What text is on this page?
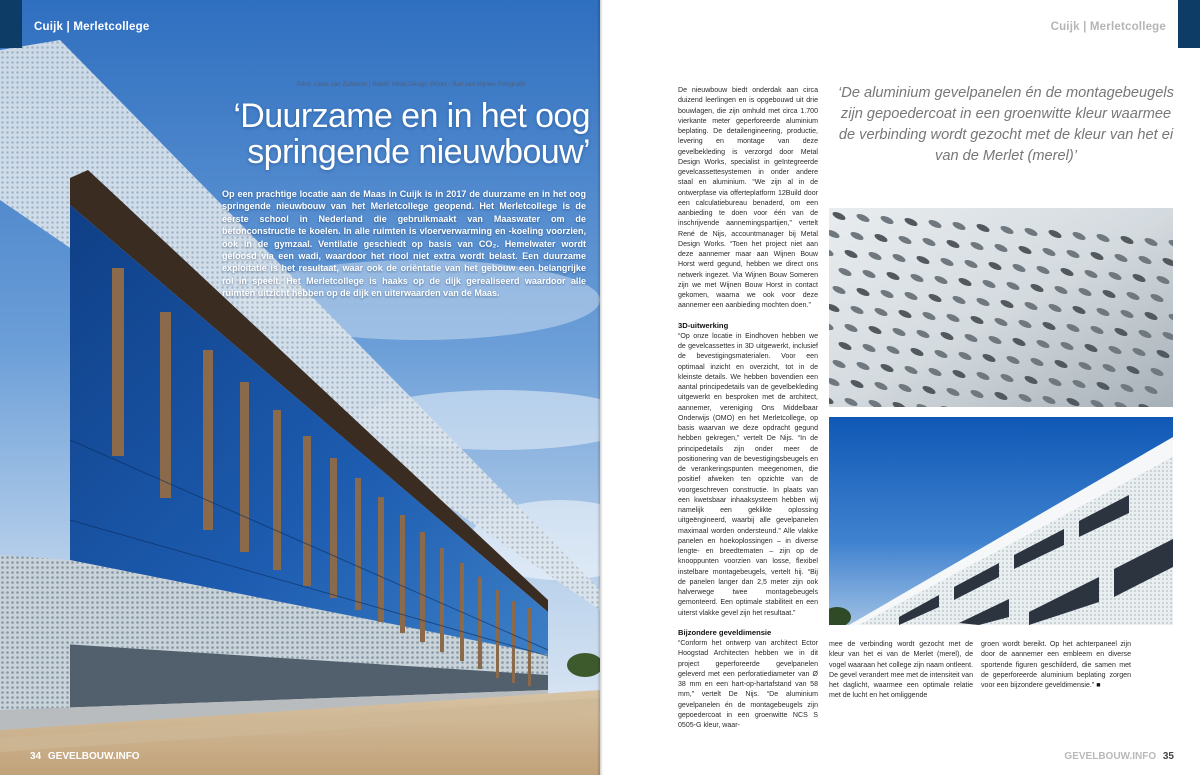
Cuijk | Merletcollege
Tekst: Lieke van Zuilekom | Beeld: Metal Design Works / Bart van Wijnen Fotografie
‘Duurzame en in het oog
springende nieuwbouw’

Op een prachtige locatie aan de Maas in Cuijk is in 2017 de duurzame en in het oog springende nieuwbouw van het Merletcollege geopend. Het Merletcollege is de eerste school in Nederland die gebruikmaakt van Maaswater om de betonconstructie te koelen. In alle ruimten is vloerverwarming en -koeling voorzien, ook in de gymzaal. Ventilatie geschiedt op basis van CO₂. Hemelwater wordt geloosd via een wadi, waardoor het riool niet extra wordt belast. Een duurzame exploitatie is het resultaat, waar ook de oriëntatie van het gebouw een belangrijke rol in speelt. Het Merletcollege is haaks op de dijk gerealiseerd waardoor alle ruimten uitzicht hebben op de dijk en uiterwaarden van de Maas.

34 GEVELBOUW.INFO
Cuijk | Merletcollege

De nieuwbouw biedt onderdak aan circa duizend leerlingen en is opgebouwd uit drie bouwlagen, die zijn omhuld met circa 1.700 vierkante meter geperforeerde aluminium beplating. De detailengineering, productie, levering en montage van deze gevelbekleding is verzorgd door Metal Design Works, specialist in geïntegreerde gevelcassettesystemen in onder andere staal en aluminium. “We zijn al in de ontwerpfase via offerteplatform 12Build door een calculatiebureau benaderd, om een aanbieding te doen voor één van de inschrijvende aannemingspartijen,” vertelt René de Nijs, accountmanager bij Metal Design Works. “Toen het project niet aan deze aannemer maar aan Wijnen Bouw Horst werd gegund, hebben we direct ons netwerk ingezet. Via Wijnen Bouw Someren zijn we met Wijnen Bouw Horst in contact gekomen, waarna we ook voor deze aannemer een aanbieding mochten doen.”

3D-uitwerking

“Op onze locatie in Eindhoven hebben we de gevelcassettes in 3D uitgewerkt, inclusief de bevestigingsmaterialen. Voor een optimaal inzicht en overzicht, tot in de kleinste details. We hebben bovendien een aantal principedetails van de gevelbekleding uitgewerkt en besproken met de architect, aannemer, vereniging Ons Middelbaar Onderwijs (OMO) en het Merletcollege, op basis waarvan we deze opdracht gegund hebben gekregen,” vertelt De Nijs. “In de principedetails zijn onder meer de positionering van de bevestigingsbeugels en de verankeringspunten meegenomen, die positief afweken ten opzichte van de voorgeschreven constructie. In plaats van een kwetsbaar inhaaksysteem hebben wij namelijk een geklikte oplossing uitgeëngineerd, waarbij alle gevelpanelen maximaal worden ondersteund.” Alle vlakke panelen en hoekoplossingen – in diverse lengte- en breedtematen – zijn op de knooppunten voorzien van losse, flexibel instelbare montagebeugels, vertelt hij. “Bij de panelen langer dan 2,5 meter zijn ook halverwege twee montagebeugels gemonteerd. Een optimale stabiliteit en een uiterst vlakke gevel zijn het resultaat.”

Bijzondere geveldimensie

“Conform het ontwerp van architect Ector Hoogstad Architecten hebben we in dit project geperforeerde gevelpanelen geleverd met een perforatiediameter van Ø 38 mm en een hart-op-hartafstand van 58 mm,” vertelt De Nijs. “De aluminium gevelpanelen én de montagebeugels zijn gepoedercoat in een groenwitte NCS S 0505-G kleur, waar-

‘De aluminium gevelpanelen én de montagebeugels zijn gepoedercoat in een groenwitte kleur waarmee de verbinding wordt gezocht met de kleur van het ei van de Merlet (merel)’

mee de verbinding wordt gezocht met de kleur van het ei van de Merlet (merel), de vogel waaraan het college zijn naam ontleent. De gevel verandert mee met de intensiteit van het daglicht, waarmee een optimale relatie met de lucht en het omliggende

groen wordt bereikt. Op het achterpaneel zijn door de aannemer een embleem en diverse sportende figuren geschilderd, die samen met de geperforeerde aluminium beplating zorgen voor een bijzondere geveldimensie.” ■

GEVELBOUW.INFO 35
